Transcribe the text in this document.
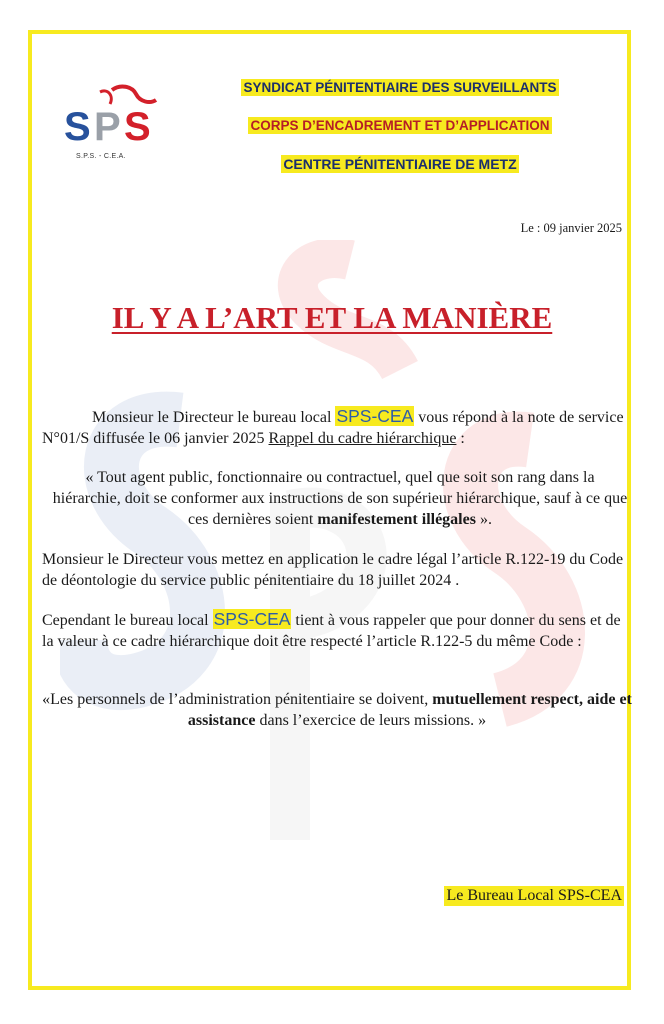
S P S
S.P.S. - C.E.A.
SYNDICAT PÉNITENTIAIRE DES SURVEILLANTS
CORPS D’ENCADREMENT ET D’APPLICATION
CENTRE PÉNITENTIAIRE DE METZ
Le : 09 janvier 2025
IL Y A L’ART ET LA MANIÈRE
Monsieur le Directeur le bureau local SPS-CEA vous répond à la note de service N°01/S diffusée le 06 janvier 2025 Rappel du cadre hiérarchique :
« Tout agent public, fonctionnaire ou contractuel, quel que soit son rang dans la hiérarchie, doit se conformer aux instructions de son supérieur hiérarchique, sauf à ce que ces dernières soient manifestement illégales ».
Monsieur le Directeur vous mettez en application le cadre légal l’article R.122-19 du Code de déontologie du service public pénitentiaire du 18 juillet 2024 .
Cependant le bureau local SPS-CEA tient à vous rappeler que pour donner du sens et de la valeur à ce cadre hiérarchique doit être respecté l’article R.122-5 du même Code :
«Les personnels de l’administration pénitentiaire se doivent, mutuellement respect, aide et assistance dans l’exercice de leurs missions. »
Le Bureau Local SPS-CEA
